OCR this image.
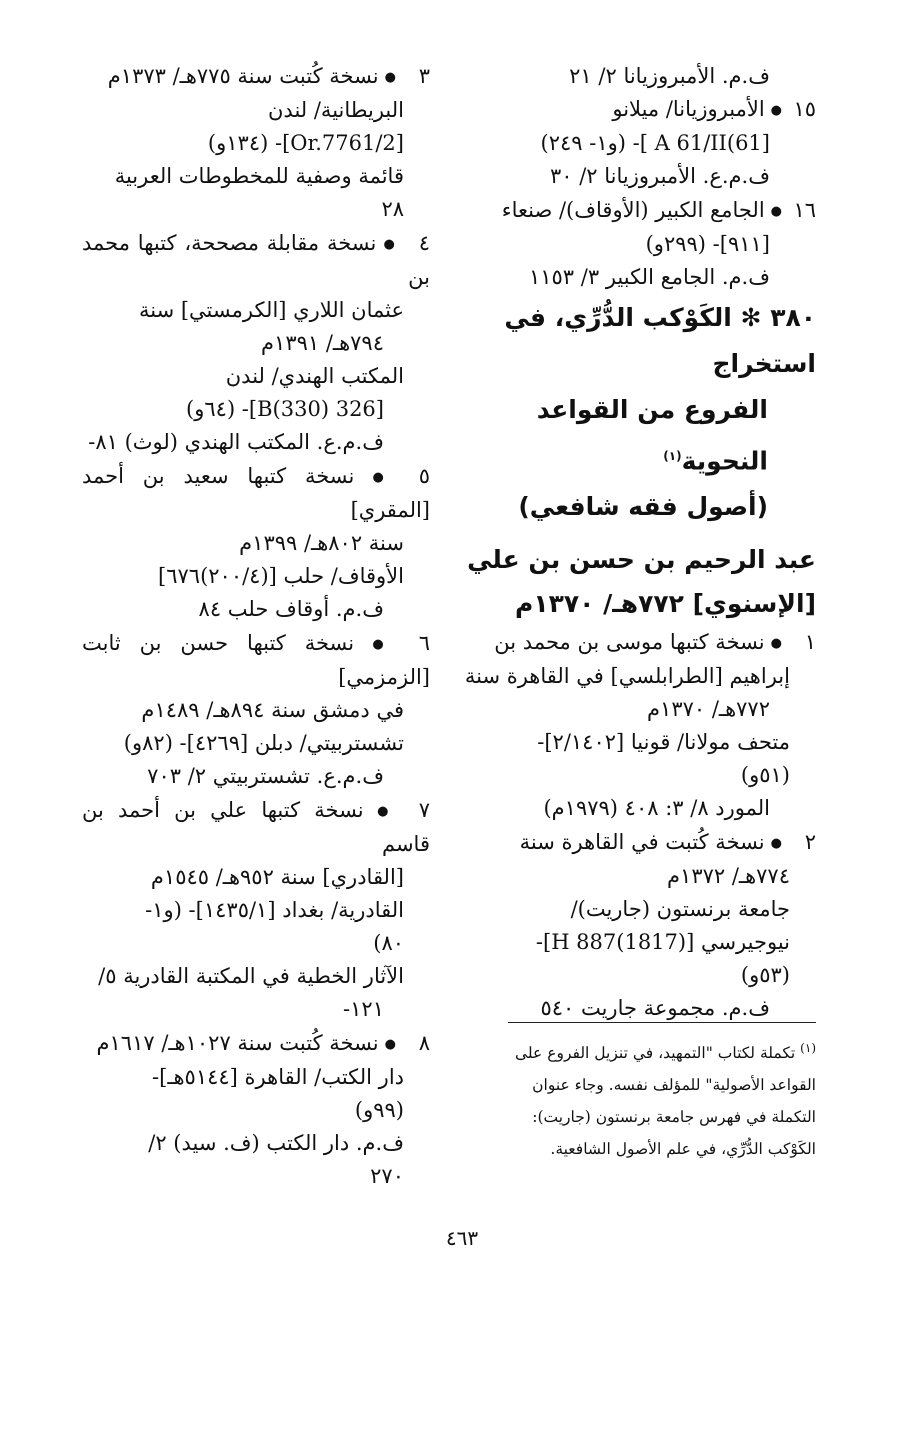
ف.م. الأمبروزيانا ٢/ ٢١

١٥●الأمبروزيانا/ ميلانو

[61)A 61/II ]- (و١- ٢٤٩)

ف.م.ع. الأمبروزيانا ٢/ ٣٠

١٦●الجامع الكبير (الأوقاف)/ صنعاء

[٩١١]- (٢٩٩و)

ف.م. الجامع الكبير ٣/ ١١٥٣

٣٨٠ ✻ الكَوْكب الدُّرِّي، في استخراج

الفروع من القواعد النحوية$^{(١)}$

(أصول فقه شافعي)

عبد الرحيم بن حسن بن علي

[الإسنوي] ٧٧٢هـ/ ١٣٧٠م

١●نسخة كتبها موسى بن محمد بن

إبراهيم [الطرابلسي] في القاهرة سنة

٧٧٢هـ/ ١٣٧٠م

متحف مولانا/ قونيا [٢/١٤٠٢]-

(٥١و)

المورد ٨/ ٣: ٤٠٨ (١٩٧٩م)

٢●نسخة كُتبت في القاهرة سنة

٧٧٤هـ/ ١٣٧٢م

جامعة برنستون (جاريت)/

نيوجيرسي [H 887(1817)]-

(٥٣و)

ف.م. مجموعة جاريت ٥٤٠

٣●نسخة كُتبت سنة ٧٧٥هـ/ ١٣٧٣م

البريطانية/ لندن

[Or.7761/2]- (١٣٤و)

قائمة وصفية للمخطوطات العربية

٢٨

٤●نسخة مقابلة مصححة، كتبها محمد بن

عثمان اللاري [الكرمستي] سنة

٧٩٤هـ/ ١٣٩١م

المكتب الهندي/ لندن

[326 B(330)]- (٦٤و)

ف.م.ع. المكتب الهندي (لوث) ٨١-

٥●نسخة كتبها سعيد بن أحمد [المقري]

سنة ٨٠٢هـ/ ١٣٩٩م

الأوقاف/ حلب [(٢٠٠/٤)٦٧٦]

ف.م. أوقاف حلب ٨٤

٦●نسخة كتبها حسن بن ثابت [الزمزمي]

في دمشق سنة ٨٩٤هـ/ ١٤٨٩م

تشستربيتي/ دبلن [٤٢٦٩]- (٨٢و)

ف.م.ع. تشستربيتي ٢/ ٧٠٣

٧●نسخة كتبها علي بن أحمد بن قاسم

[القادري] سنة ٩٥٢هـ/ ١٥٤٥م

القادرية/ بغداد [١٤٣٥/١]- (و١-

٨٠)

الآثار الخطية في المكتبة القادرية ٥/

١٢١-

٨●نسخة كُتبت سنة ١٠٢٧هـ/ ١٦١٧م

دار الكتب/ القاهرة [٥١٤٤هـ]-

(٩٩و)

ف.م. دار الكتب (ف. سيد) ٢/

٢٧٠

$^{(١)}$ تكملة لكتاب "التمهيد، في تنزيل الفروع على
القواعد الأصولية" للمؤلف نفسه. وجاء عنوان
التكملة في فهرس جامعة برنستون (جاريت):
الكَوْكب الدُّرِّي، في علم الأصول الشافعية.
٤٦٣
